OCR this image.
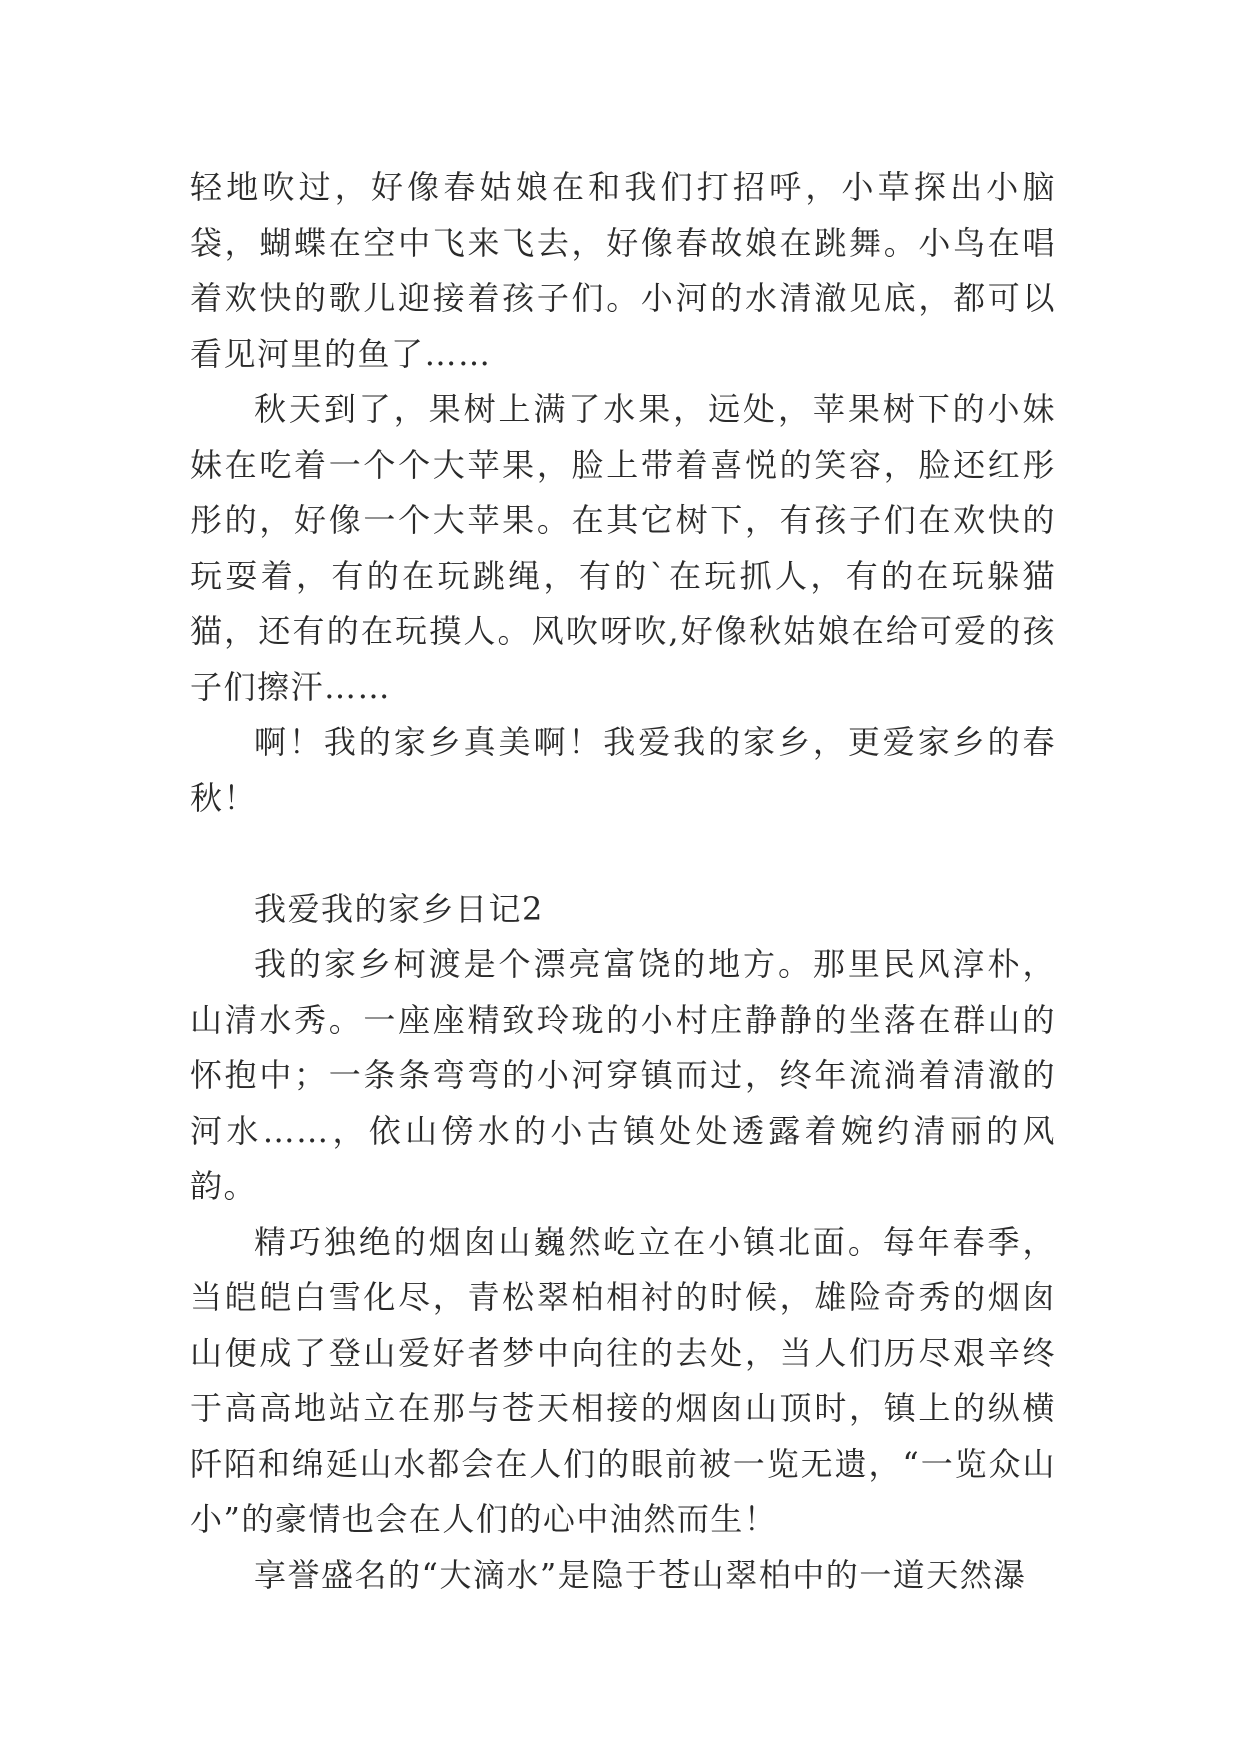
轻地吹过，好像春姑娘在和我们打招呼，小草探出小脑袋，蝴蝶在空中飞来飞去，好像春故娘在跳舞。小鸟在唱着欢快的歌儿迎接着孩子们。小河的水清澈见底，都可以看见河里的鱼了……

秋天到了，果树上满了水果，远处，苹果树下的小妹妹在吃着一个个大苹果，脸上带着喜悦的笑容，脸还红彤彤的，好像一个大苹果。在其它树下，有孩子们在欢快的玩耍着，有的在玩跳绳，有的`在玩抓人，有的在玩躲猫猫，还有的在玩摸人。风吹呀吹,好像秋姑娘在给可爱的孩子们擦汗……

啊！我的家乡真美啊！我爱我的家乡，更爱家乡的春秋！

我爱我的家乡日记2

我的家乡柯渡是个漂亮富饶的地方。那里民风淳朴，山清水秀。一座座精致玲珑的小村庄静静的坐落在群山的怀抱中；一条条弯弯的小河穿镇而过，终年流淌着清澈的河水……，依山傍水的小古镇处处透露着婉约清丽的风韵。

精巧独绝的烟囱山巍然屹立在小镇北面。每年春季，当皑皑白雪化尽，青松翠柏相衬的时候，雄险奇秀的烟囱山便成了登山爱好者梦中向往的去处，当人们历尽艰辛终于高高地站立在那与苍天相接的烟囱山顶时，镇上的纵横阡陌和绵延山水都会在人们的眼前被一览无遗，“一览众山小”的豪情也会在人们的心中油然而生！

享誉盛名的“大滴水”是隐于苍山翠柏中的一道天然瀑
